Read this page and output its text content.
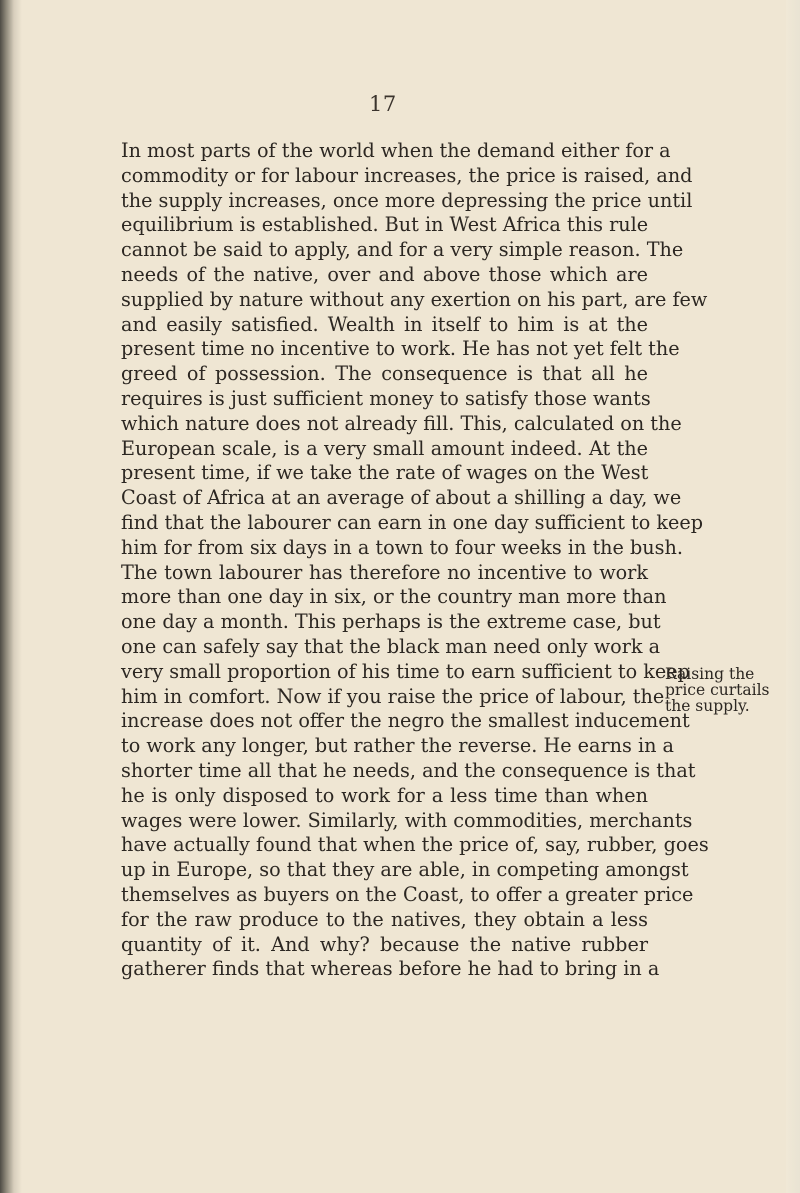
17
In most parts of the world when the demand either for a
commodity or for labour increases, the price is raised, and
the supply increases, once more depressing the price until
equilibrium is established. But in West Africa this rule
cannot be said to apply, and for a very simple reason. The
needs of the native, over and above those which are
supplied by nature without any exertion on his part, are few
and easily satisfied. Wealth in itself to him is at the
present time no incentive to work. He has not yet felt the
greed of possession. The consequence is that all he
requires is just sufficient money to satisfy those wants
which nature does not already fill. This, calculated on the
European scale, is a very small amount indeed. At the
present time, if we take the rate of wages on the West
Coast of Africa at an average of about a shilling a day, we
find that the labourer can earn in one day sufficient to keep
him for from six days in a town to four weeks in the bush.
The town labourer has therefore no incentive to work
more than one day in six, or the country man more than
one day a month. This perhaps is the extreme case, but
one can safely say that the black man need only work a
very small proportion of his time to earn sufficient to keep
him in comfort. Now if you raise the price of labour, the
increase does not offer the negro the smallest inducement
to work any longer, but rather the reverse. He earns in a
shorter time all that he needs, and the consequence is that
he is only disposed to work for a less time than when
wages were lower. Similarly, with commodities, merchants
have actually found that when the price of, say, rubber, goes
up in Europe, so that they are able, in competing amongst
themselves as buyers on the Coast, to offer a greater price
for the raw produce to the natives, they obtain a less
quantity of it. And why? because the native rubber
gatherer finds that whereas before he had to bring in a
Raising the
price curtails
the supply.
